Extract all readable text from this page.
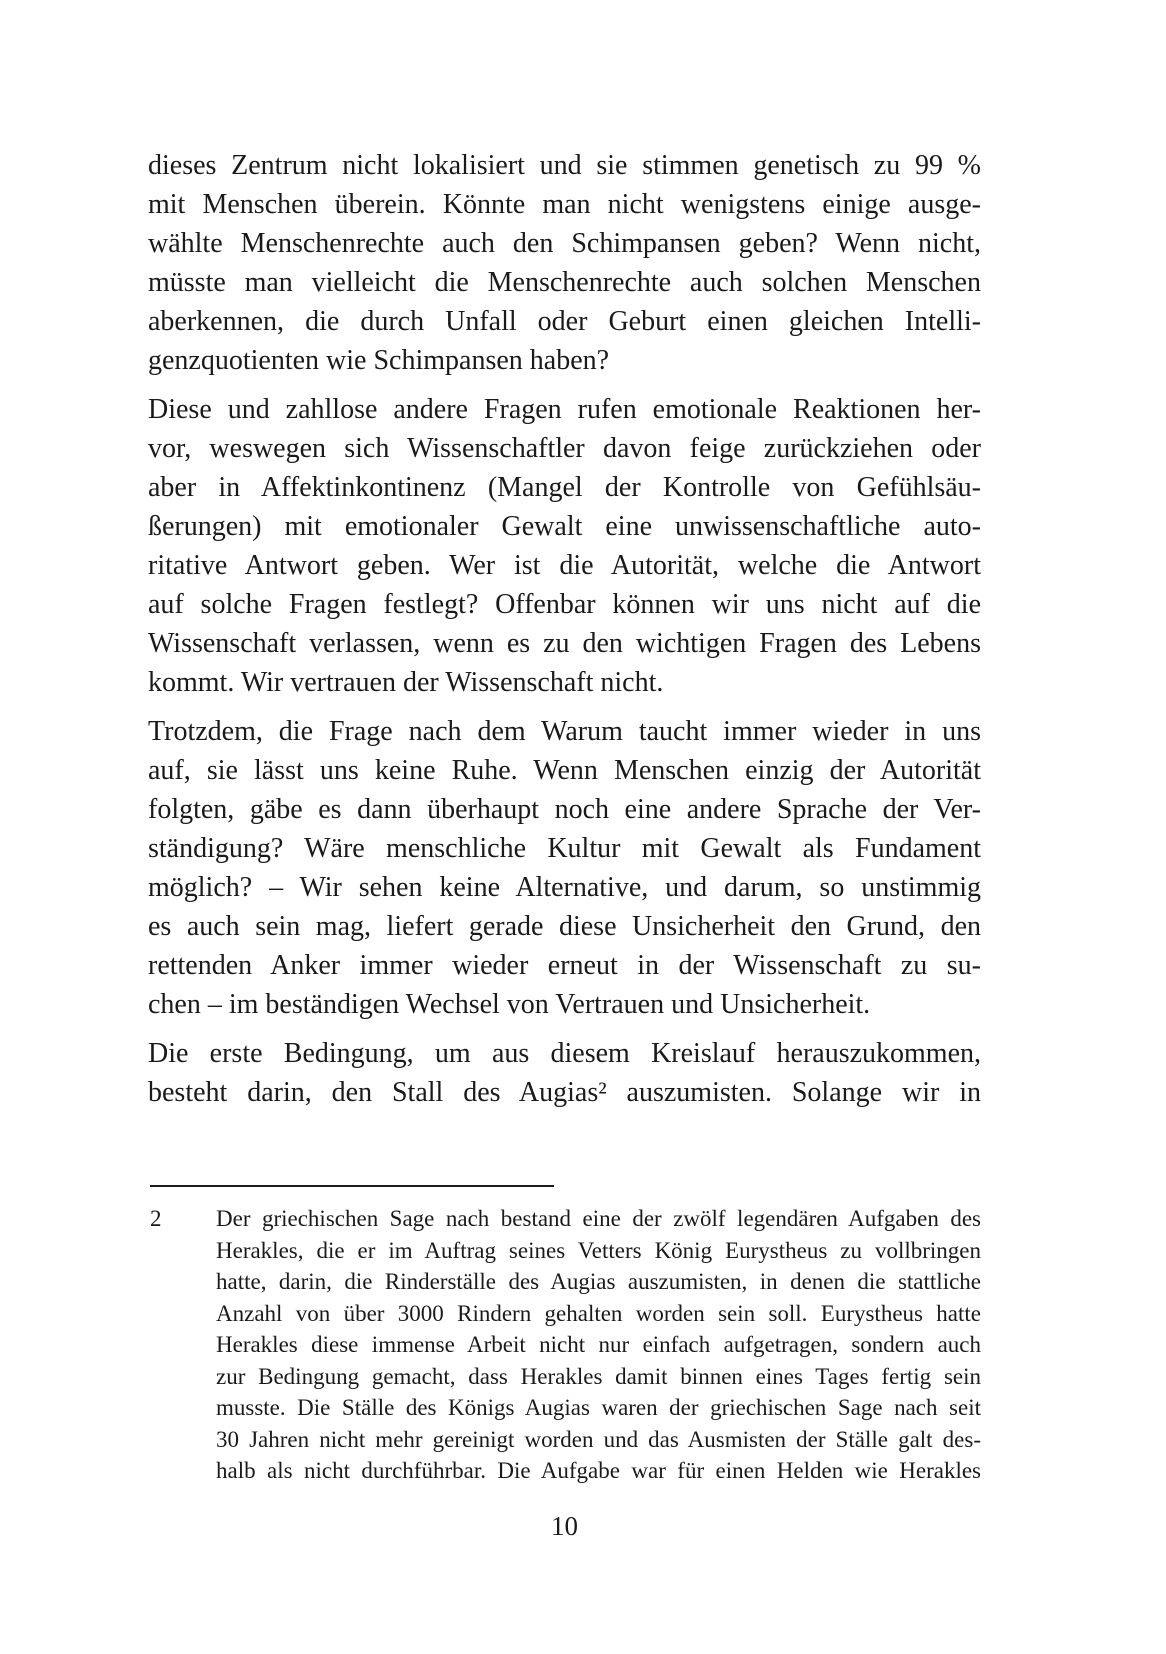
dieses Zentrum nicht lokalisiert und sie stimmen genetisch zu 99 %
mit Menschen überein. Könnte man nicht wenigstens einige ausge-
wählte Menschenrechte auch den Schimpansen geben? Wenn nicht,
müsste man vielleicht die Menschenrechte auch solchen Menschen
aberkennen, die durch Unfall oder Geburt einen gleichen Intelli-
genzquotienten wie Schimpansen haben?
Diese und zahllose andere Fragen rufen emotionale Reaktionen her-
vor, weswegen sich Wissenschaftler davon feige zurückziehen oder
aber in Affektinkontinenz (Mangel der Kontrolle von Gefühlsäu-
ßerungen) mit emotionaler Gewalt eine unwissenschaftliche auto-
ritative Antwort geben. Wer ist die Autorität, welche die Antwort
auf solche Fragen festlegt? Offenbar können wir uns nicht auf die
Wissenschaft verlassen, wenn es zu den wichtigen Fragen des Lebens
kommt. Wir vertrauen der Wissenschaft nicht.
Trotzdem, die Frage nach dem Warum taucht immer wieder in uns
auf, sie lässt uns keine Ruhe. Wenn Menschen einzig der Autorität
folgten, gäbe es dann überhaupt noch eine andere Sprache der Ver-
ständigung? Wäre menschliche Kultur mit Gewalt als Fundament
möglich? – Wir sehen keine Alternative, und darum, so unstimmig
es auch sein mag, liefert gerade diese Unsicherheit den Grund, den
rettenden Anker immer wieder erneut in der Wissenschaft zu su-
chen – im beständigen Wechsel von Vertrauen und Unsicherheit.
Die erste Bedingung, um aus diesem Kreislauf herauszukommen,
besteht darin, den Stall des Augias² auszumisten. Solange wir in
2	Der griechischen Sage nach bestand eine der zwölf legendären Aufgaben des
Herakles, die er im Auftrag seines Vetters König Eurystheus zu vollbringen
hatte, darin, die Rinderställe des Augias auszumisten, in denen die stattliche
Anzahl von über 3000 Rindern gehalten worden sein soll. Eurystheus hatte
Herakles diese immense Arbeit nicht nur einfach aufgetragen, sondern auch
zur Bedingung gemacht, dass Herakles damit binnen eines Tages fertig sein
musste. Die Ställe des Königs Augias waren der griechischen Sage nach seit
30 Jahren nicht mehr gereinigt worden und das Ausmisten der Ställe galt des-
halb als nicht durchführbar. Die Aufgabe war für einen Helden wie Herakles
10
